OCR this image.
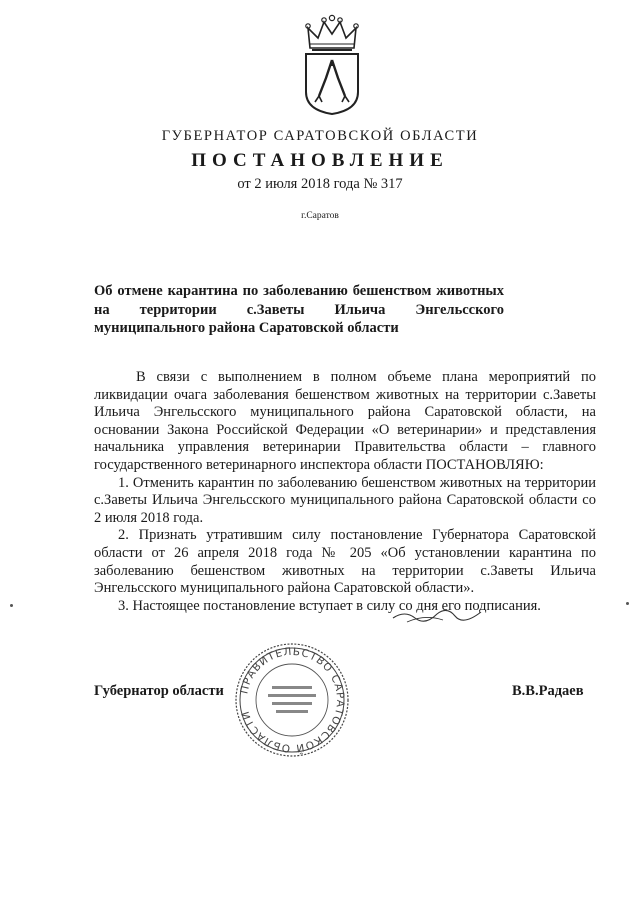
ГУБЕРНАТОР САРАТОВСКОЙ ОБЛАСТИ
ПОСТАНОВЛЕНИЕ
от 2 июля 2018 года № 317
г.Саратов

Об отмене карантина по заболеванию бешенством животных на территории с.Заветы Ильича Энгельсского муниципального района Саратовской области

В связи с выполнением в полном объеме плана мероприятий по ликвидации очага заболевания бешенством животных на территории с.Заветы Ильича Энгельсского муниципального района Саратовской области, на основании Закона Российской Федерации «О ветеринарии» и представления начальника управления ветеринарии Правительства области – главного государственного ветеринарного инспектора области ПОСТАНОВЛЯЮ:

1. Отменить карантин по заболеванию бешенством животных на территории с.Заветы Ильича Энгельсского муниципального района Саратовской области со 2 июля 2018 года.

2. Признать утратившим силу постановление Губернатора Саратовской области от 26 апреля 2018 года № 205 «Об установлении карантина по заболеванию бешенством животных на территории с.Заветы Ильича Энгельсского муниципального района Саратовской области».

3. Настоящее постановление вступает в силу со дня его подписания.

ПРАВИТЕЛЬСТВО САРАТОВСКОЙ ОБЛАСТИ
Губернатор области	В.В.Радаев
